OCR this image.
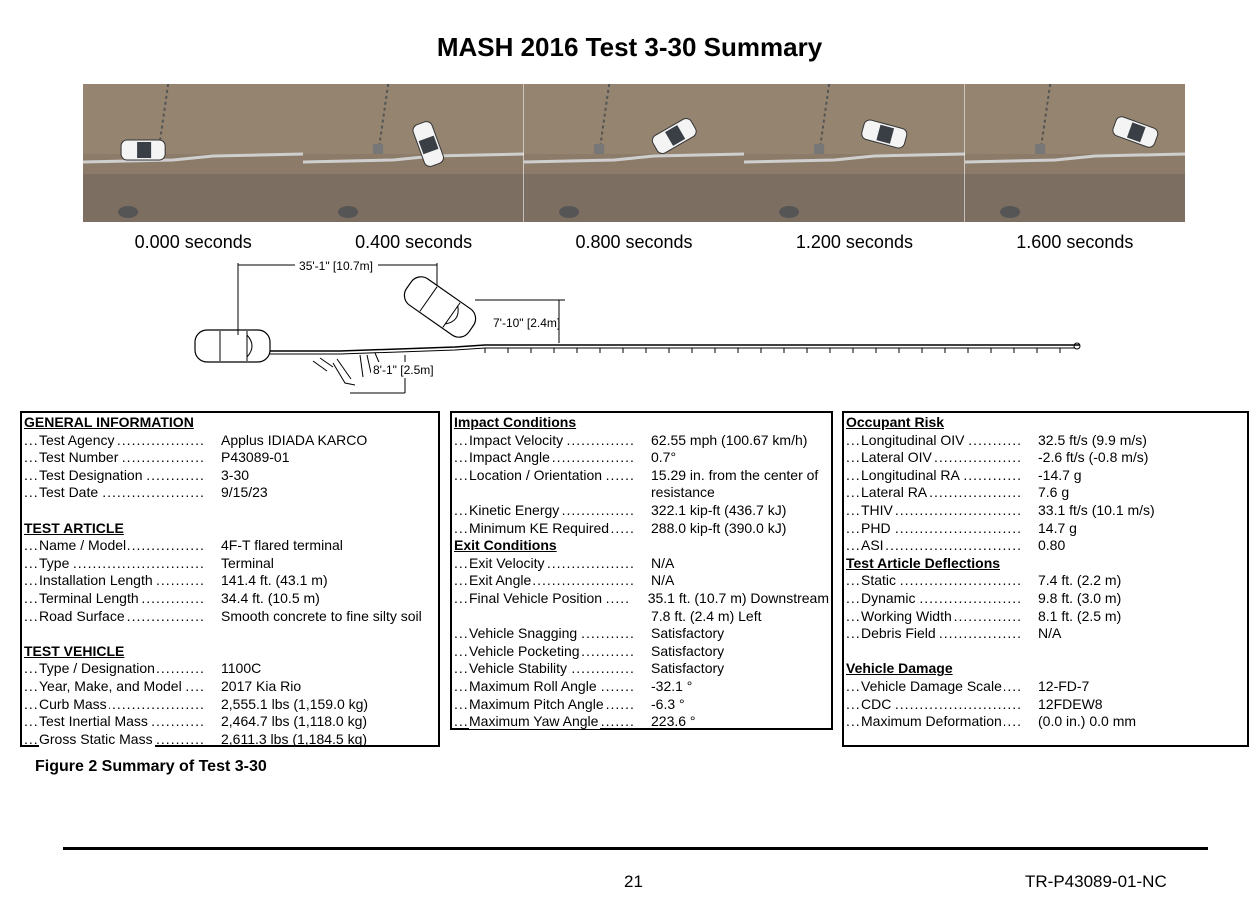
MASH 2016 Test 3-30 Summary
0.000 seconds	0.400 seconds	0.800 seconds	1.200 seconds	1.600 seconds
35'-1" [10.7m]
7'-10" [2.4m]
8'-1" [2.5m]
GENERAL INFORMATION
Test Agency .....	Applus IDIADA KARCO
Test Number .....	P43089-01
Test Designation .....	3-30
Test Date .....	9/15/23
TEST ARTICLE
Name / Model .....	4F-T flared terminal
Type .....	Terminal
Installation Length .....	141.4 ft. (43.1 m)
Terminal Length .....	34.4 ft. (10.5 m)
Road Surface .....	Smooth concrete to fine silty soil
TEST VEHICLE
Type / Designation .....	1100C
Year, Make, and Model .....	2017 Kia Rio
Curb Mass .....	2,555.1 lbs (1,159.0 kg)
Test Inertial Mass .....	2,464.7 lbs (1,118.0 kg)
Gross Static Mass .....	2,611.3 lbs (1,184.5 kg)
Impact Conditions
Impact Velocity .....	62.55 mph (100.67 km/h)
Impact Angle .....	0.7°
Location / Orientation .....	15.29 in. from the center of
resistance
Kinetic Energy .....	322.1 kip-ft (436.7 kJ)
Minimum KE Required .....	288.0 kip-ft (390.0 kJ)
Exit Conditions
Exit Velocity .....	N/A
Exit Angle .....	N/A
Final Vehicle Position .....	35.1 ft. (10.7 m) Downstream
7.8 ft. (2.4 m) Left
Vehicle Snagging .....	Satisfactory
Vehicle Pocketing .....	Satisfactory
Vehicle Stability .....	Satisfactory
Maximum Roll Angle .....	-32.1 °
Maximum Pitch Angle .....	-6.3 °
Maximum Yaw Angle .....	223.6 °
Occupant Risk
Longitudinal OIV .....	32.5 ft/s (9.9 m/s)
Lateral OIV .....	-2.6 ft/s (-0.8 m/s)
Longitudinal RA .....	-14.7 g
Lateral RA .....	7.6 g
THIV .....	33.1 ft/s (10.1 m/s)
PHD .....	14.7 g
ASI .....	0.80
Test Article Deflections
Static .....	7.4 ft. (2.2 m)
Dynamic .....	9.8 ft. (3.0 m)
Working Width .....	8.1 ft. (2.5 m)
Debris Field .....	N/A
Vehicle Damage
Vehicle Damage Scale .....	12-FD-7
CDC .....	12FDEW8
Maximum Deformation .....	(0.0 in.) 0.0 mm
Figure 2 Summary of Test 3-30
21	TR-P43089-01-NC
